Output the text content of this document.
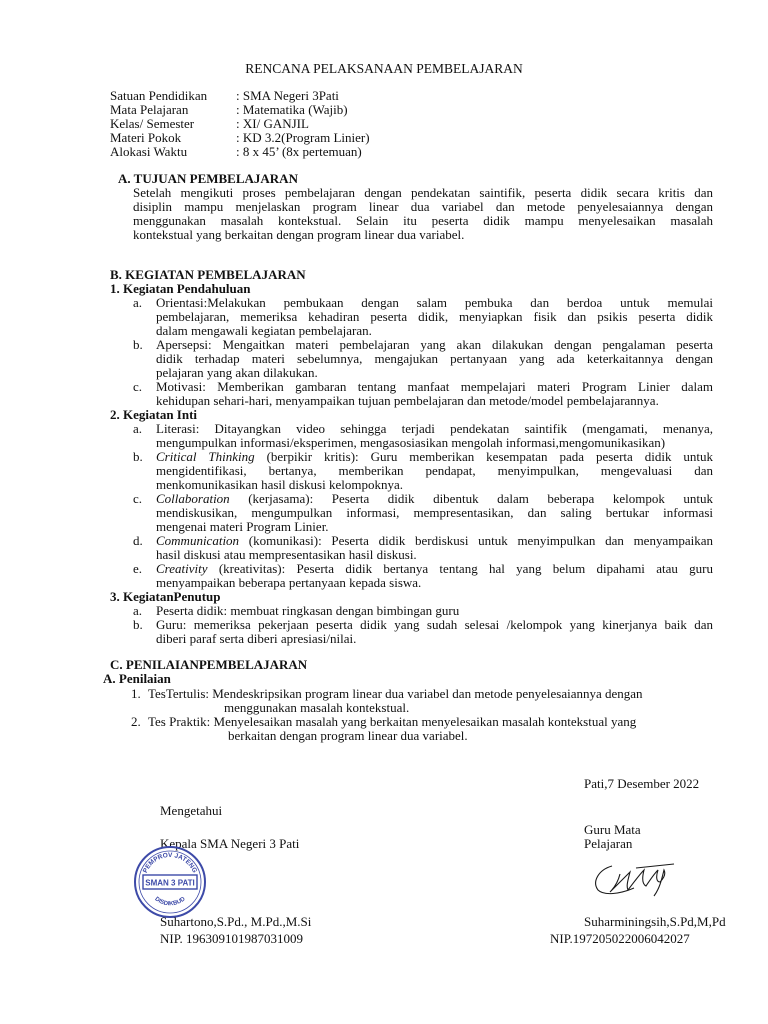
RENCANA PELAKSANAAN PEMBELAJARAN
Satuan Pendidikan : SMA Negeri 3Pati
Mata Pelajaran	: Matematika (Wajib)
Kelas/ Semester	: XI/ GANJIL
Materi Pokok	: KD 3.2(Program Linier)
Alokasi Waktu	: 8 x 45’ (8x pertemuan)
A. TUJUAN PEMBELAJARAN
Setelah mengikuti proses pembelajaran dengan pendekatan saintifik, peserta didik secara kritis dan
disiplin mampu menjelaskan program linear dua variabel dan metode penyelesaiannya dengan
menggunakan masalah kontekstual. Selain itu peserta didik mampu menyelesaikan masalah
kontekstual yang berkaitan dengan program linear dua variabel.
B. KEGIATAN PEMBELAJARAN
1. Kegiatan Pendahuluan
a.	Orientasi:Melakukan pembukaan dengan salam pembuka dan berdoa untuk memulai
pembelajaran, memeriksa kehadiran peserta didik, menyiapkan fisik dan psikis peserta didik
dalam mengawali kegiatan pembelajaran.
b.	Apersepsi: Mengaitkan materi pembelajaran yang akan dilakukan dengan pengalaman peserta
didik terhadap materi sebelumnya, mengajukan pertanyaan yang ada keterkaitannya dengan
pelajaran yang akan dilakukan.
c.	Motivasi: Memberikan gambaran tentang manfaat mempelajari materi Program Linier dalam
kehidupan sehari-hari, menyampaikan tujuan pembelajaran dan metode/model pembelajarannya.
2. Kegiatan Inti
a.	Literasi: Ditayangkan video sehingga terjadi pendekatan saintifik (mengamati, menanya,
mengumpulkan informasi/eksperimen, mengasosiasikan mengolah informasi,mengomunikasikan)
b.	Critical Thinking (berpikir kritis): Guru memberikan kesempatan pada peserta didik untuk
mengidentifikasi, bertanya, memberikan pendapat, menyimpulkan, mengevaluasi dan
menkomunikasikan hasil diskusi kelompoknya.
c.	Collaboration (kerjasama): Peserta didik dibentuk dalam beberapa kelompok untuk
mendiskusikan, mengumpulkan informasi, mempresentasikan, dan saling bertukar informasi
mengenai materi Program Linier.
d.	Communication (komunikasi): Peserta didik berdiskusi untuk menyimpulkan dan menyampaikan
hasil diskusi atau mempresentasikan hasil diskusi.
e.	Creativity (kreativitas): Peserta didik bertanya tentang hal yang belum dipahami atau guru
menyampaikan beberapa pertanyaan kepada siswa.
3. KegiatanPenutup
a.	Peserta didik: membuat ringkasan dengan bimbingan guru
b.	Guru: memeriksa pekerjaan peserta didik yang sudah selesai /kelompok yang kinerjanya baik dan
diberi paraf serta diberi apresiasi/nilai.
C. PENILAIANPEMBELAJARAN
A. Penilaian
1. TesTertulis: Mendeskripsikan program linear dua variabel dan metode penyelesaiannya dengan
menggunakan masalah kontekstual.
2. Tes Praktik: Menyelesaikan masalah yang berkaitan menyelesaikan masalah kontekstual yang
berkaitan dengan program linear dua variabel.
Pati,7 Desember 2022
Mengetahui
Guru Mata
Kepala SMA Negeri 3 Pati	Pelajaran
PEMPROV JATENG
SMAN 3 PATI
DISDIKBUD
Suhartono,S.Pd., M.Pd.,M.Si	Suharminingsih,S.Pd,M,Pd
NIP. 196309101987031009	NIP.197205022006042027
